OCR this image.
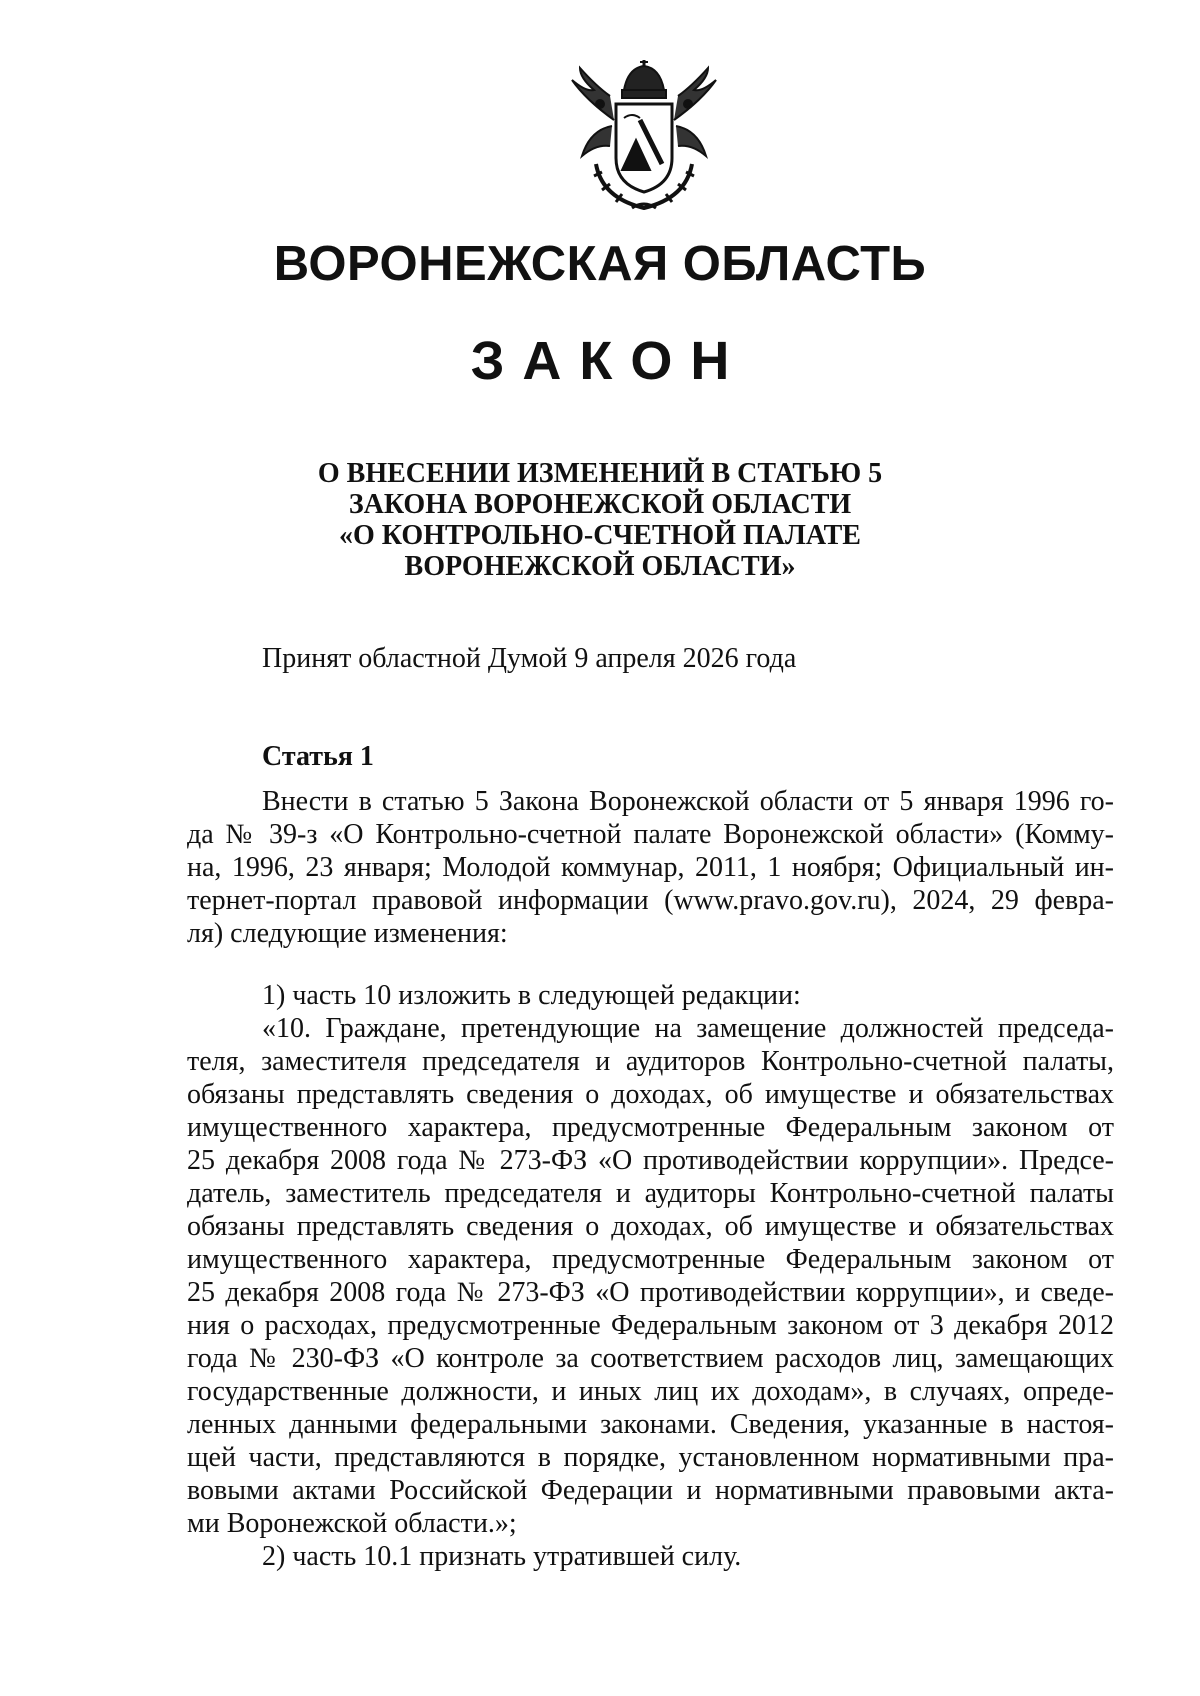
ВОРОНЕЖСКАЯ ОБЛАСТЬ
ЗАКОН
О ВНЕСЕНИИ ИЗМЕНЕНИЙ В СТАТЬЮ 5
ЗАКОНА ВОРОНЕЖСКОЙ ОБЛАСТИ
«О КОНТРОЛЬНО-СЧЕТНОЙ ПАЛАТЕ
ВОРОНЕЖСКОЙ ОБЛАСТИ»
Принят областной Думой 9 апреля 2026 года
Статья 1
Внести в статью 5 Закона Воронежской области от 5 января 1996 го-
да № 39-з «О Контрольно-счетной палате Воронежской области» (Комму-
на, 1996, 23 января; Молодой коммунар, 2011, 1 ноября; Официальный ин-
тернет-портал правовой информации (www.pravo.gov.ru), 2024, 29 февра-
ля) следующие изменения:
1) часть 10 изложить в следующей редакции:
«10. Граждане, претендующие на замещение должностей председа-
теля, заместителя председателя и аудиторов Контрольно-счетной палаты,
обязаны представлять сведения о доходах, об имуществе и обязательствах
имущественного характера, предусмотренные Федеральным законом от
25 декабря 2008 года № 273-ФЗ «О противодействии коррупции». Предсе-
датель, заместитель председателя и аудиторы Контрольно-счетной палаты
обязаны представлять сведения о доходах, об имуществе и обязательствах
имущественного характера, предусмотренные Федеральным законом от
25 декабря 2008 года № 273-ФЗ «О противодействии коррупции», и сведе-
ния о расходах, предусмотренные Федеральным законом от 3 декабря 2012
года № 230-ФЗ «О контроле за соответствием расходов лиц, замещающих
государственные должности, и иных лиц их доходам», в случаях, опреде-
ленных данными федеральными законами. Сведения, указанные в настоя-
щей части, представляются в порядке, установленном нормативными пра-
вовыми актами Российской Федерации и нормативными правовыми акта-
ми Воронежской области.»;
2) часть 10.1 признать утратившей силу.
